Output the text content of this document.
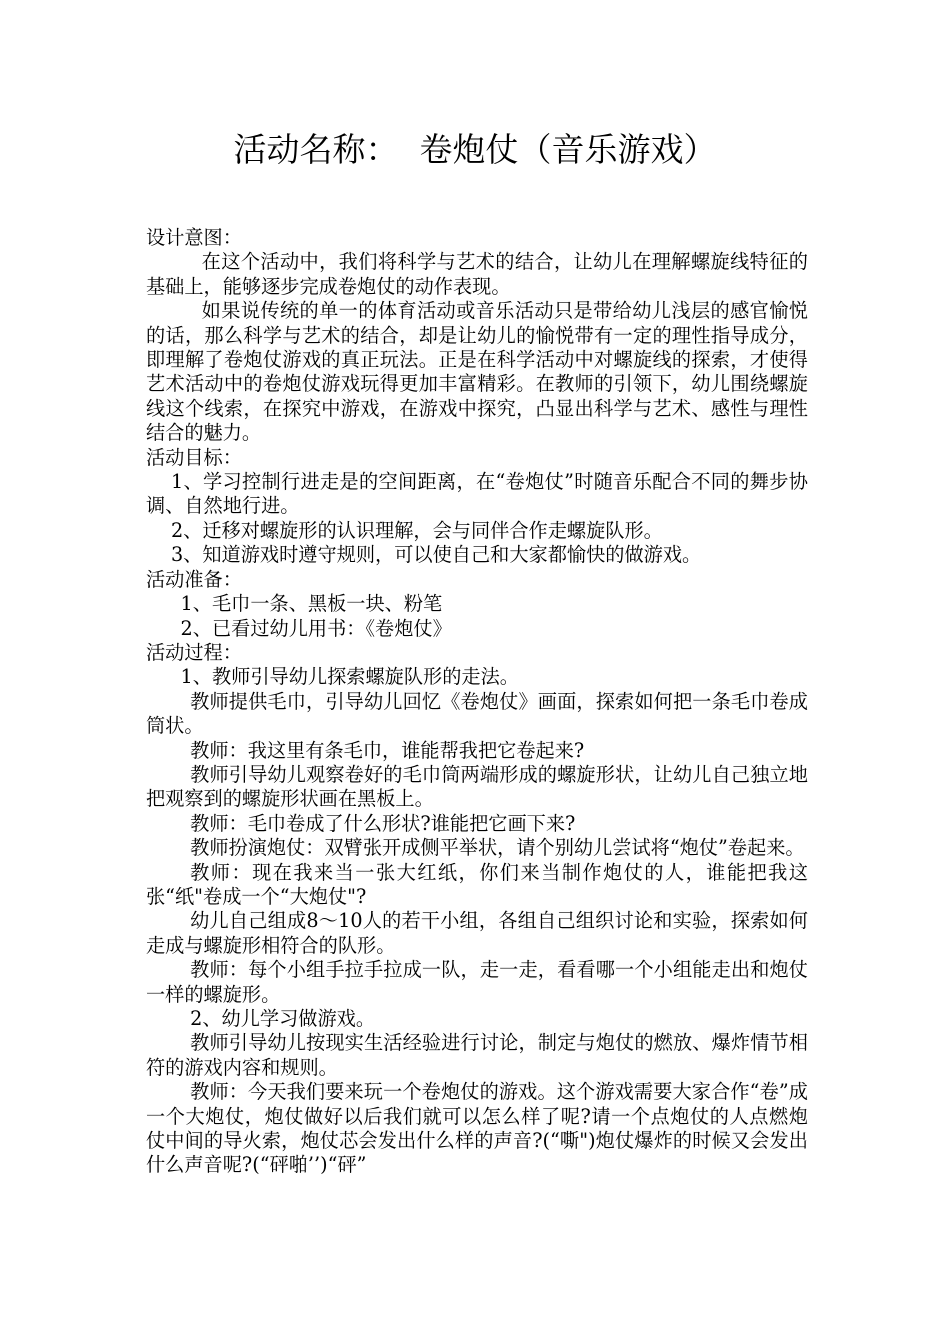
活动名称：  卷炮仗（音乐游戏）

设计意图：

在这个活动中，我们将科学与艺术的结合，让幼儿在理解螺旋线特征的基础上，能够逐步完成卷炮仗的动作表现。

如果说传统的单一的体育活动或音乐活动只是带给幼儿浅层的感官愉悦的话，那么科学与艺术的结合，却是让幼儿的愉悦带有一定的理性指导成分，即理解了卷炮仗游戏的真正玩法。正是在科学活动中对螺旋线的探索，才使得艺术活动中的卷炮仗游戏玩得更加丰富精彩。在教师的引领下，幼儿围绕螺旋线这个线索，在探究中游戏，在游戏中探究，凸显出科学与艺术、感性与理性结合的魅力。

活动目标：

1、学习控制行进走是的空间距离，在“卷炮仗”时随音乐配合不同的舞步协调、自然地行进。

2、迁移对螺旋形的认识理解，会与同伴合作走螺旋队形。

3、知道游戏时遵守规则，可以使自己和大家都愉快的做游戏。

活动准备：

1、毛巾一条、黑板一块、粉笔

2、已看过幼儿用书：《卷炮仗》

活动过程：

1、教师引导幼儿探索螺旋队形的走法。

教师提供毛巾，引导幼儿回忆《卷炮仗》画面，探索如何把一条毛巾卷成筒状。

教师：我这里有条毛巾，谁能帮我把它卷起来?

教师引导幼儿观察卷好的毛巾筒两端形成的螺旋形状，让幼儿自己独立地把观察到的螺旋形状画在黑板上。

教师：毛巾卷成了什么形状?谁能把它画下来?

教师扮演炮仗：双臂张开成侧平举状，请个别幼儿尝试将“炮仗”卷起来。

教师：现在我来当一张大红纸，你们来当制作炮仗的人，谁能把我这张“纸"卷成一个“大炮仗"?

幼儿自己组成8～10人的若干小组，各组自己组织讨论和实验，探索如何走成与螺旋形相符合的队形。

教师：每个小组手拉手拉成一队，走一走，看看哪一个小组能走出和炮仗一样的螺旋形。

2、幼儿学习做游戏。

教师引导幼儿按现实生活经验进行讨论，制定与炮仗的燃放、爆炸情节相符的游戏内容和规则。

教师：今天我们要来玩一个卷炮仗的游戏。这个游戏需要大家合作“卷”成一个大炮仗，炮仗做好以后我们就可以怎么样了呢?请一个点炮仗的人点燃炮仗中间的导火索，炮仗芯会发出什么样的声音?(“嘶")炮仗爆炸的时候又会发出什么声音呢?(“砰啪’’)“砰”
